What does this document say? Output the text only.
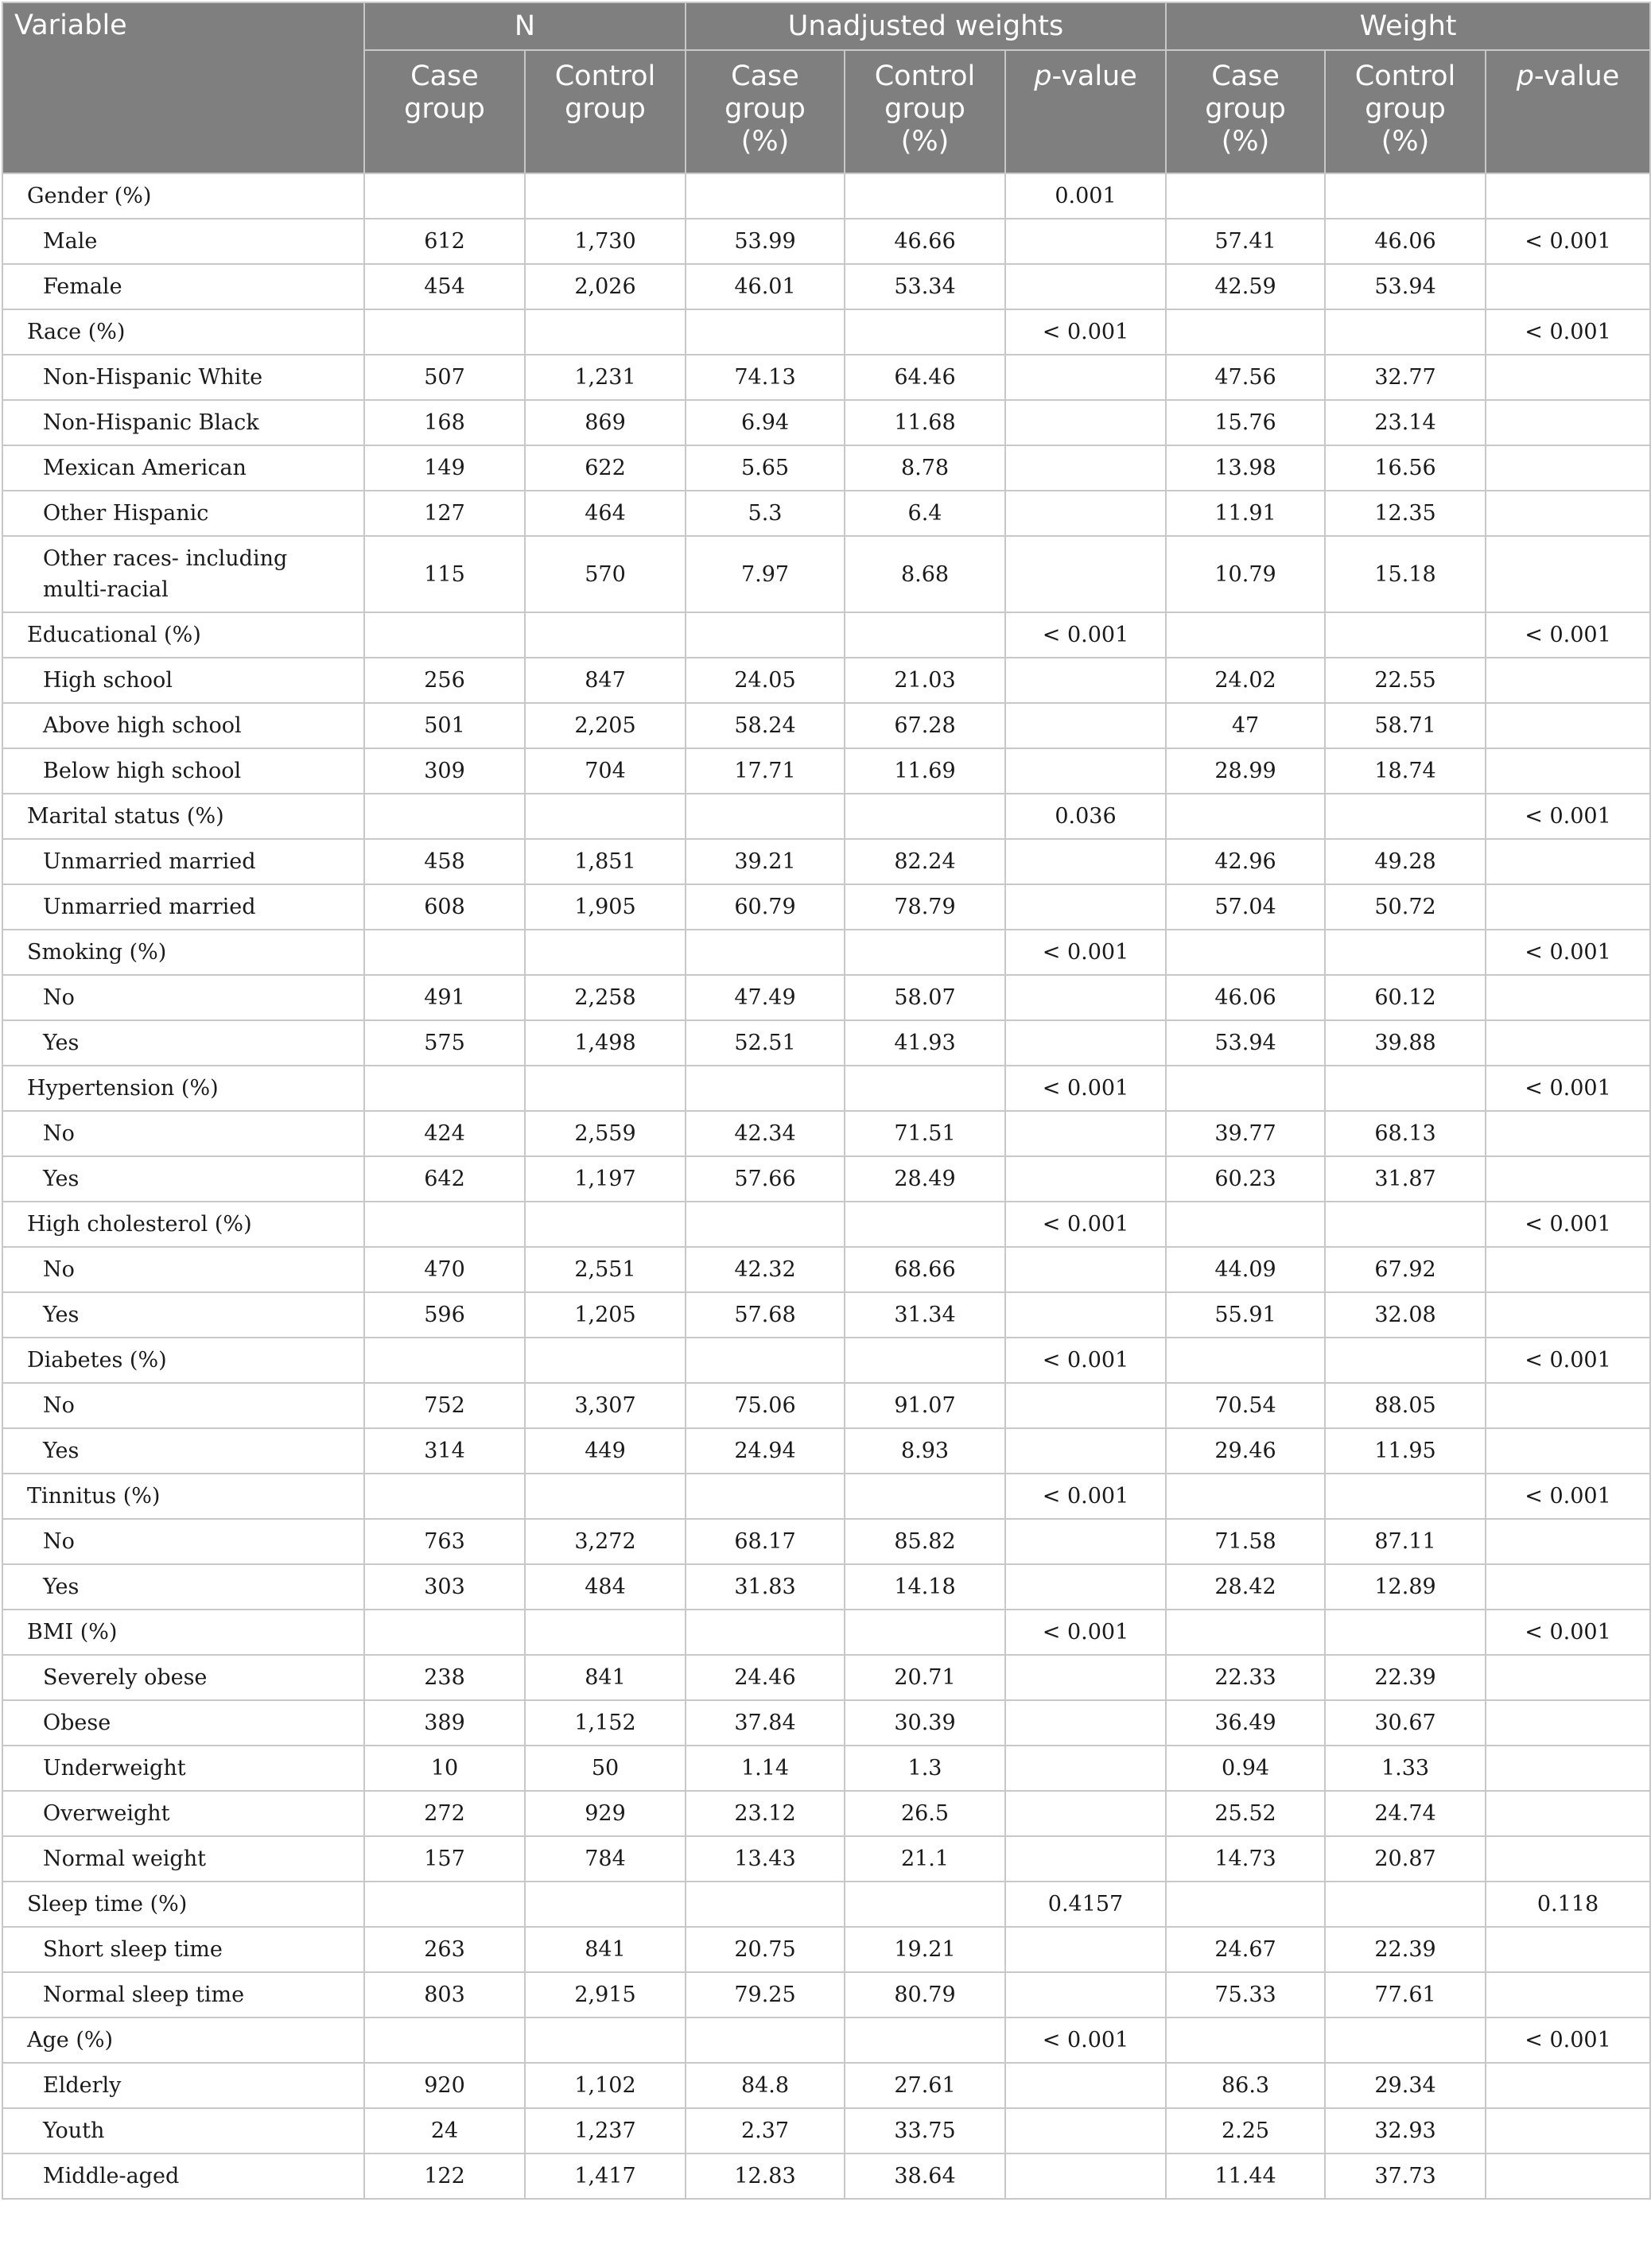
Variable	N		Unadjusted weights			Weight		
	Case group	Control group	Case group (%)	Control group (%)	p-value	Case group (%)	Control group (%)	p-value
Gender (%)					0.001			
Male	612	1,730	53.99	46.66		57.41	46.06	< 0.001
Female	454	2,026	46.01	53.34		42.59	53.94	
Race (%)					< 0.001			< 0.001
Non-Hispanic White	507	1,231	74.13	64.46		47.56	32.77	
Non-Hispanic Black	168	869	6.94	11.68		15.76	23.14	
Mexican American	149	622	5.65	8.78		13.98	16.56	
Other Hispanic	127	464	5.3	6.4		11.91	12.35	
Other races- including multi-racial	115	570	7.97	8.68		10.79	15.18	
Educational (%)					< 0.001			< 0.001
High school	256	847	24.05	21.03		24.02	22.55	
Above high school	501	2,205	58.24	67.28		47	58.71	
Below high school	309	704	17.71	11.69		28.99	18.74	
Marital status (%)					0.036			< 0.001
Unmarried married	458	1,851	39.21	82.24		42.96	49.28	
Unmarried married	608	1,905	60.79	78.79		57.04	50.72	
Smoking (%)					< 0.001			< 0.001
No	491	2,258	47.49	58.07		46.06	60.12	
Yes	575	1,498	52.51	41.93		53.94	39.88	
Hypertension (%)					< 0.001			< 0.001
No	424	2,559	42.34	71.51		39.77	68.13	
Yes	642	1,197	57.66	28.49		60.23	31.87	
High cholesterol (%)					< 0.001			< 0.001
No	470	2,551	42.32	68.66		44.09	67.92	
Yes	596	1,205	57.68	31.34		55.91	32.08	
Diabetes (%)					< 0.001			< 0.001
No	752	3,307	75.06	91.07		70.54	88.05	
Yes	314	449	24.94	8.93		29.46	11.95	
Tinnitus (%)					< 0.001			< 0.001
No	763	3,272	68.17	85.82		71.58	87.11	
Yes	303	484	31.83	14.18		28.42	12.89	
BMI (%)					< 0.001			< 0.001
Severely obese	238	841	24.46	20.71		22.33	22.39	
Obese	389	1,152	37.84	30.39		36.49	30.67	
Underweight	10	50	1.14	1.3		0.94	1.33	
Overweight	272	929	23.12	26.5		25.52	24.74	
Normal weight	157	784	13.43	21.1		14.73	20.87	
Sleep time (%)					0.4157			0.118
Short sleep time	263	841	20.75	19.21		24.67	22.39	
Normal sleep time	803	2,915	79.25	80.79		75.33	77.61	
Age (%)					< 0.001			< 0.001
Elderly	920	1,102	84.8	27.61		86.3	29.34	
Youth	24	1,237	2.37	33.75		2.25	32.93	
Middle-aged	122	1,417	12.83	38.64		11.44	37.73	
